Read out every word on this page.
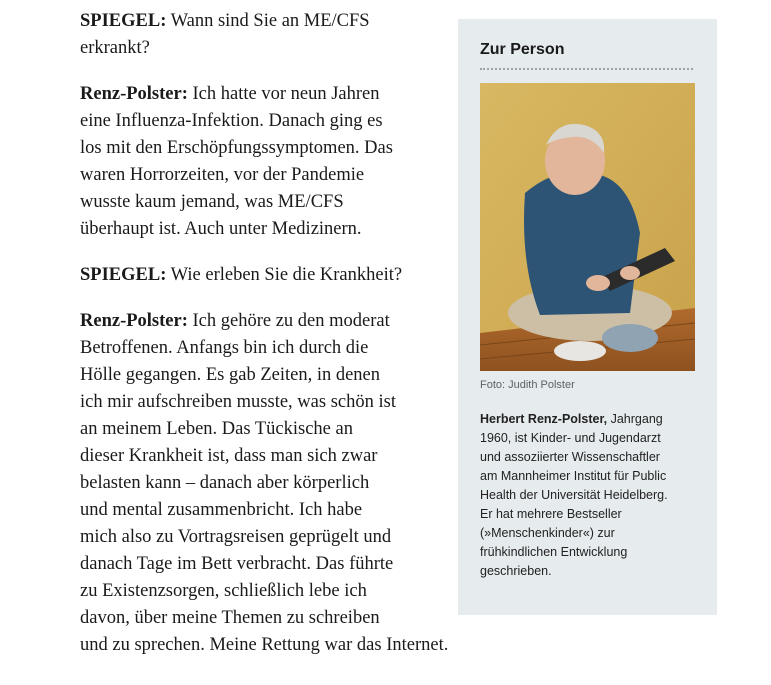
SPIEGEL: Wann sind Sie an ME/CFS
erkrankt?

Renz-Polster: Ich hatte vor neun Jahren
eine Influenza-Infektion. Danach ging es
los mit den Erschöpfungssymptomen. Das
waren Horrorzeiten, vor der Pandemie
wusste kaum jemand, was ME/CFS
überhaupt ist. Auch unter Medizinern.

SPIEGEL: Wie erleben Sie die Krankheit?

Renz-Polster: Ich gehöre zu den moderat
Betroffenen. Anfangs bin ich durch die
Hölle gegangen. Es gab Zeiten, in denen
ich mir aufschreiben musste, was schön ist
an meinem Leben. Das Tückische an
dieser Krankheit ist, dass man sich zwar
belasten kann – danach aber körperlich
und mental zusammenbricht. Ich habe
mich also zu Vortragsreisen geprügelt und
danach Tage im Bett verbracht. Das führte
zu Existenzsorgen, schließlich lebe ich
davon, über meine Themen zu schreiben
und zu sprechen. Meine Rettung war das Internet.

Zur Person
Foto: Judith Polster
Herbert Renz-Polster, Jahrgang
1960, ist Kinder- und Jugendarzt
und assoziierter Wissenschaftler
am Mannheimer Institut für Public
Health der Universität Heidelberg.
Er hat mehrere Bestseller
(»Menschenkinder«) zur
frühkindlichen Entwicklung
geschrieben.
